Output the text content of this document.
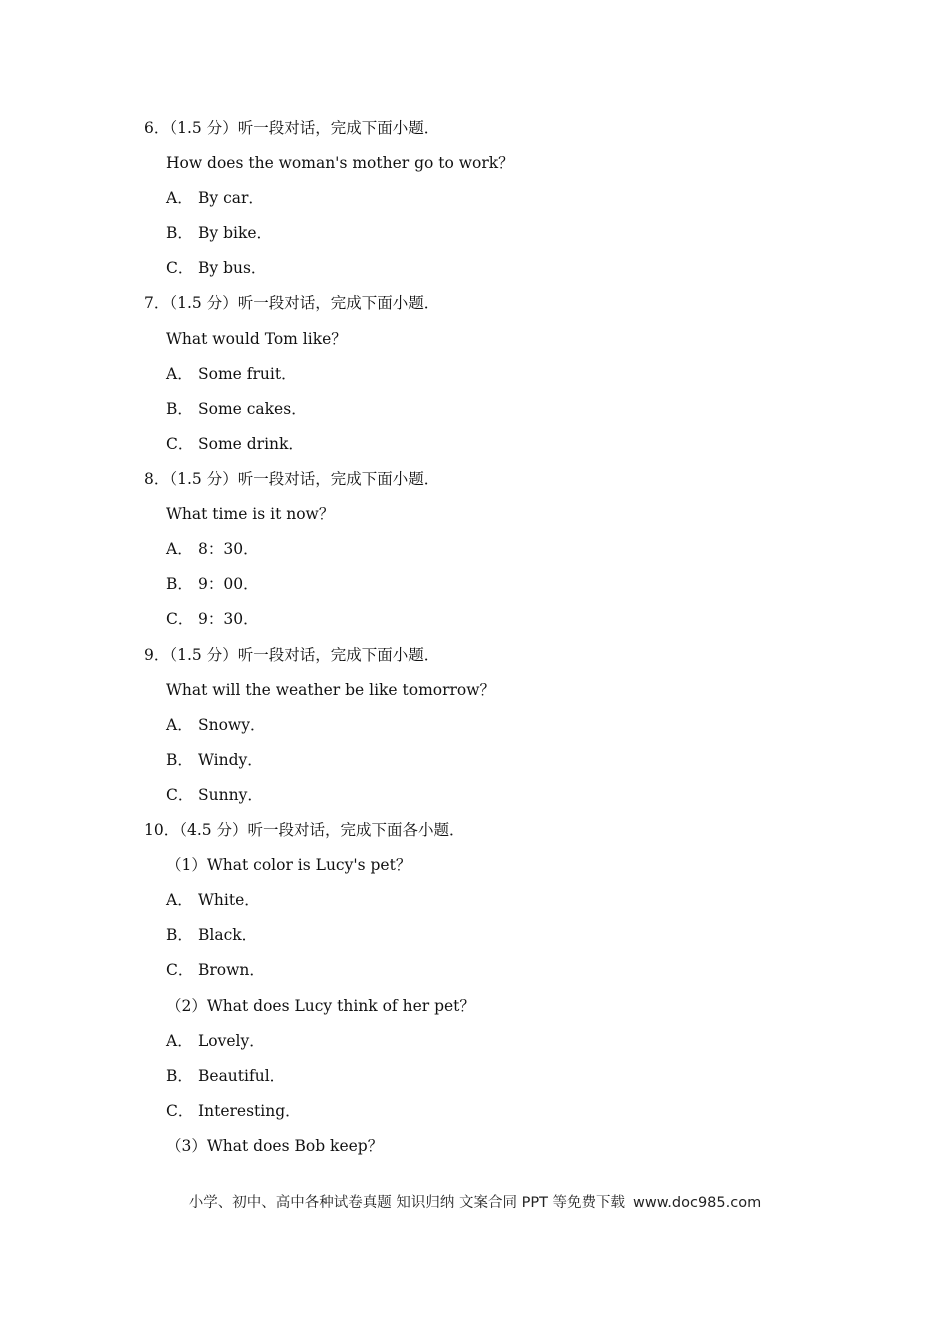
6．（1.5 分）听一段对话，完成下面小题．
How does the woman's mother go to work？
A． By car．
B． By bike．
C． By bus．
7．（1.5 分）听一段对话，完成下面小题．
What would Tom like？
A． Some fruit．
B． Some cakes．
C． Some drink．
8．（1.5 分）听一段对话，完成下面小题．
What time is it now？
A． 8：30．
B． 9：00．
C． 9：30．
9．（1.5 分）听一段对话，完成下面小题．
What will the weather be like tomorrow？
A． Snowy．
B． Windy．
C． Sunny．
10．（4.5 分）听一段对话，完成下面各小题．
（1）What color is Lucy's pet？
A． White．
B． Black．
C． Brown．
（2）What does Lucy think of her pet？
A． Lovely．
B． Beautiful．
C． Interesting．
（3）What does Bob keep？
小学、初中、高中各种试卷真题 知识归纳 文案合同 PPT 等免费下载 www.doc985.com
